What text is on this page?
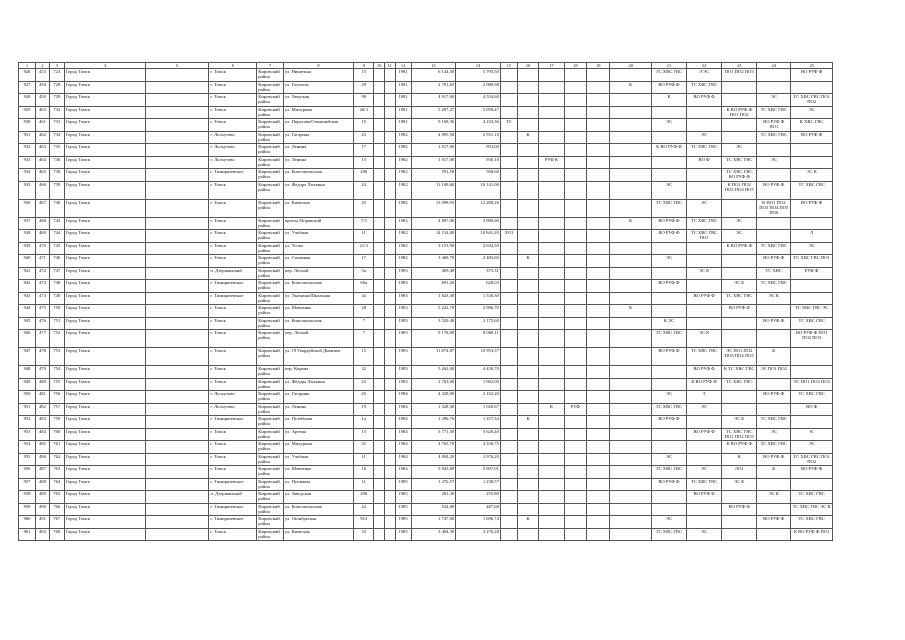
1	2	3	4	5	6	7	8	9	10	11	12	13	14	15	16	17	18	19	20	21	22	23	24	25
926	453	723	Город Томск		г. Томск	Кировский район	ул. Никитина	15			1981	6 144,50	5 793,50							ТС ХВС ГВС	Э ЭС	ПО1 ПО2 ПО3		ВО РУФ Ф
927	450	728	Город Томск		г. Томск	Кировский район	ул. Гоголева	29			1981	2 791,65	2 080,98						К	ВО РУФ Ф	ТС ХВС ГВС			
928	450	729	Город Томск		г. Томск	Кировский район	ул. Тверская	98			1981	4 917,60	4 554,60							К	ВО РУФ Ф		ЭС	ТС ХВС ГВС ПО1 ПО2
929	463	732	Город Томск		г. Томск	Кировский район	ул. Мичурина	20/3			1981	5 297,27	5 059,47									К ВО РУФ Ф ПО1 ПО2	ТС ХВС ГВС	ЭС
930	461	733	Город Томск		г. Томск	Кировский район	ул. Пирогова/Олимпийская	15			1981	9 168,36	4 233,36	ТС						ЭС			ВО РУФ Ф ПО1	К ХВС ГВС
931	462	734	Город Томск		г. Лоскутово	Кировский район	ул. Гагарина	43			1982	4 995,50	2 931,10		К						ЭС		ТС ХВС ГВС	ВО РУФ Ф
932	463	735	Город Томск		г. Лоскутово	Кировский район	ул. Ленина	17			1982	1 017,00	953,00							К ВО РУФ Ф	ТС ХВС ГВС	ЭС		
933	464	736	Город Томск		г. Лоскутово	Кировский район	ул. Ленина	15			1982	1 017,00	930,10			РУФ К					ВО Ф	ТС ХВС ГВС	ЭС	
934	465	738	Город Томск		г. Тимирязевское	Кировский район	ул. Комсомольская	296			1982	591,50	568,60									ТС ХВС ГВС ВО РУФ Ф		ЭС К
935	466	739	Город Томск		г. Томск	Кировский район	ул. Фёдора Лыткина	24			1982	11 108,60	10 141,00							ЭС		К ПО1 ПО2 ПО3 ПО4 ПО5	ВО РУФ Ф	ТС ХВС ГВС
936	467	740	Город Томск		г. Томск	Кировский район	ул. Киевская	45			1982	13 098,93	12 280,26							ТС ХВС ГВС	ЭС		К ПО1 ПО2 ПО3 ПО4 ПО5 ПО6	ВО РУФ Ф
937	468	743	Город Томск		г. Томск	Кировский район	проезд Моравский	7/3			1982	4 807,06	3 980,60						К	ВО РУФ Ф	ТС ХВС ГВС	ЭС		
938	469	744	Город Томск		г. Томск	Кировский район	ул. Учебная	11			1982	14 154,80	10 841,20	ЛО1						ВО РУФ Ф	ТС ХВС ГВС ПО1	ЭС		Л
939	470	745	Город Томск		г. Томск	Кировский район	ул. Усова	21/3			1982	3 153,90	2 634,50									К ВО РУФ Ф	ТС ХВС ГВС	ЭС
940	471	746	Город Томск		г. Томск	Кировский район	ул. Сплавная	17			1982	3 468,70	2 483,60		К					ЭС			ВО РУФ Ф	ТС ХВС ГВС ПО1
941	472	747	Город Томск		п. Дзержинский	Кировский район	пер. Лесной	5а			1983	409,40	375,31								ЭС К		ТС ХВС	РУФ Ф
942	473	748	Город Томск		г. Тимирязевское	Кировский район	ул. Комсомольская	60а			1983	691,20	628,03							ВО РУФ Ф		ЭС К	ТС ХВС ГВС	
943	474	749	Город Томск		г. Тимирязевское	Кировский район	ул. Лыткина/Школьная	3а			1983	1 623,30	1 530,30								ВО РУФ Ф	ТС ХВС ГВС	ЭС К	
944	475	750	Город Томск		г. Томск	Кировский район	ул. Шевченко	28			1983	5 222,70	2 986,70						К			ВО РУФ Ф		ТС ХВС ГВС ЭС
945	476	751	Город Томск		г. Томск	Кировский район	ул. Комсомольская	7			1983	3 529,40	3 175,60							К ЭС			ВО РУФ Ф	ТС ХВС ГВС
946	477	752	Город Томск		г. Томск	Кировский район	пер. Лесной	7			1983	9 178,09	8 068,11							ТС ХВС ГВС	ЭС К			ВО РУФ Ф ПО1 ПО2 ПО3
947	478	753	Город Томск		г. Томск	Кировский район	ул. 19 Гвардейской Дивизии	15			1983	11 874,87	10 953,37							ВО РУФ Ф	ТС ХВС ГВС	ЭС ПО1 ПО2 ПО3 ПО4 ПО5	К	
948	479	754	Город Томск		г. Томск	Кировский район	пер. Кирова	32			1983	5 262,00	4 430,70								ВО РУФ Ф	К ТС ХВС ГВС	ЭС ПО1 ПО2	
949	480	755	Город Томск		г. Томск	Кировский район	ул. Фёдора Лыткина	22			1983	2 763,00	1 962,00								К ВО РУФ Ф	ТС ХВС ГВС		ЭС ПО1 ПО2 ПО3
950	481	756	Город Томск		г. Лоскутово	Кировский район	ул. Гагарина	45			1984	4 328,00	2 162,20							ЭС	Т		ВО РУФ Ф	ТС ХВС ГВС
951	482	757	Город Томск		г. Лоскутово	Кировский район	ул. Ленина	19			1984	1 328,30	1 020,67			К	РУФ			ТС ХВС ГВС	ЭС			ВО Ф
952	483	759	Город Томск		г. Тимирязевское	Кировский район	ул. Путейская	1а			1984	1 296,76	1 257,34		К					ВО РУФ Ф		ЭС К	ТС ХВС ГВС	
953	484	760	Город Томск		г. Томск	Кировский район	ул. Артема	15			1984	5 771,50	5 620,40								ВО РУФ Ф	ТС ХВС ГВС ПО1 ПО2 ПО3	ЭС	К
954	485	761	Город Томск		г. Томск	Кировский район	ул. Мичурина	51			1984	4 765,70	4 330,75									К ВО РУФ Ф	ТС ХВС ГВС	ЭС
955	486	762	Город Томск		г. Томск	Кировский район	ул. Учебная	11			1984	4 094,20	2 976,20							ЭС		К	ВО РУФ Ф	ТС ХВС ГВС ПО1 ПО2
956	487	763	Город Томск		г. Томск	Кировский район	ул. Шевченко	16			1984	5 945,80	5 697,01							ТС ХВС ГВС	ЭС	ЛО1	К	ВО РУФ Ф
957	488	764	Город Томск		г. Тимирязевское	Кировский район	ул. Пушкина	11			1985	1 276,57	1 238,57							ВО РУФ Ф	ТС ХВС ГВС	ЭС К		
958	489	765	Город Томск		п. Дзержинский	Кировский район	ул. Заводская	296			1985	281,30	255,80								ВО РУФ Ф		ЭС К	ТС ХВС ГВС
959	490	766	Город Томск		г. Тимирязевское	Кировский район	ул. Комсомольская	42			1985	524,80	487,68									ВО РУФ Ф		ТС ХВС ГВС ЭС К
960	491	767	Город Томск		г. Тимирязевское	Кировский район	ул. Октябрьская	914			1985	1 747,00	1 696,74		К					ЭС			ВО РУФ Ф	ТС ХВС ГВС
961	492	768	Город Томск		г. Томск	Кировский район	ул. Киевская	33			1985	3 494,30	3 276,28							ТС ХВС ГВС	ЭС			К ВО РУФ Ф ПО1
